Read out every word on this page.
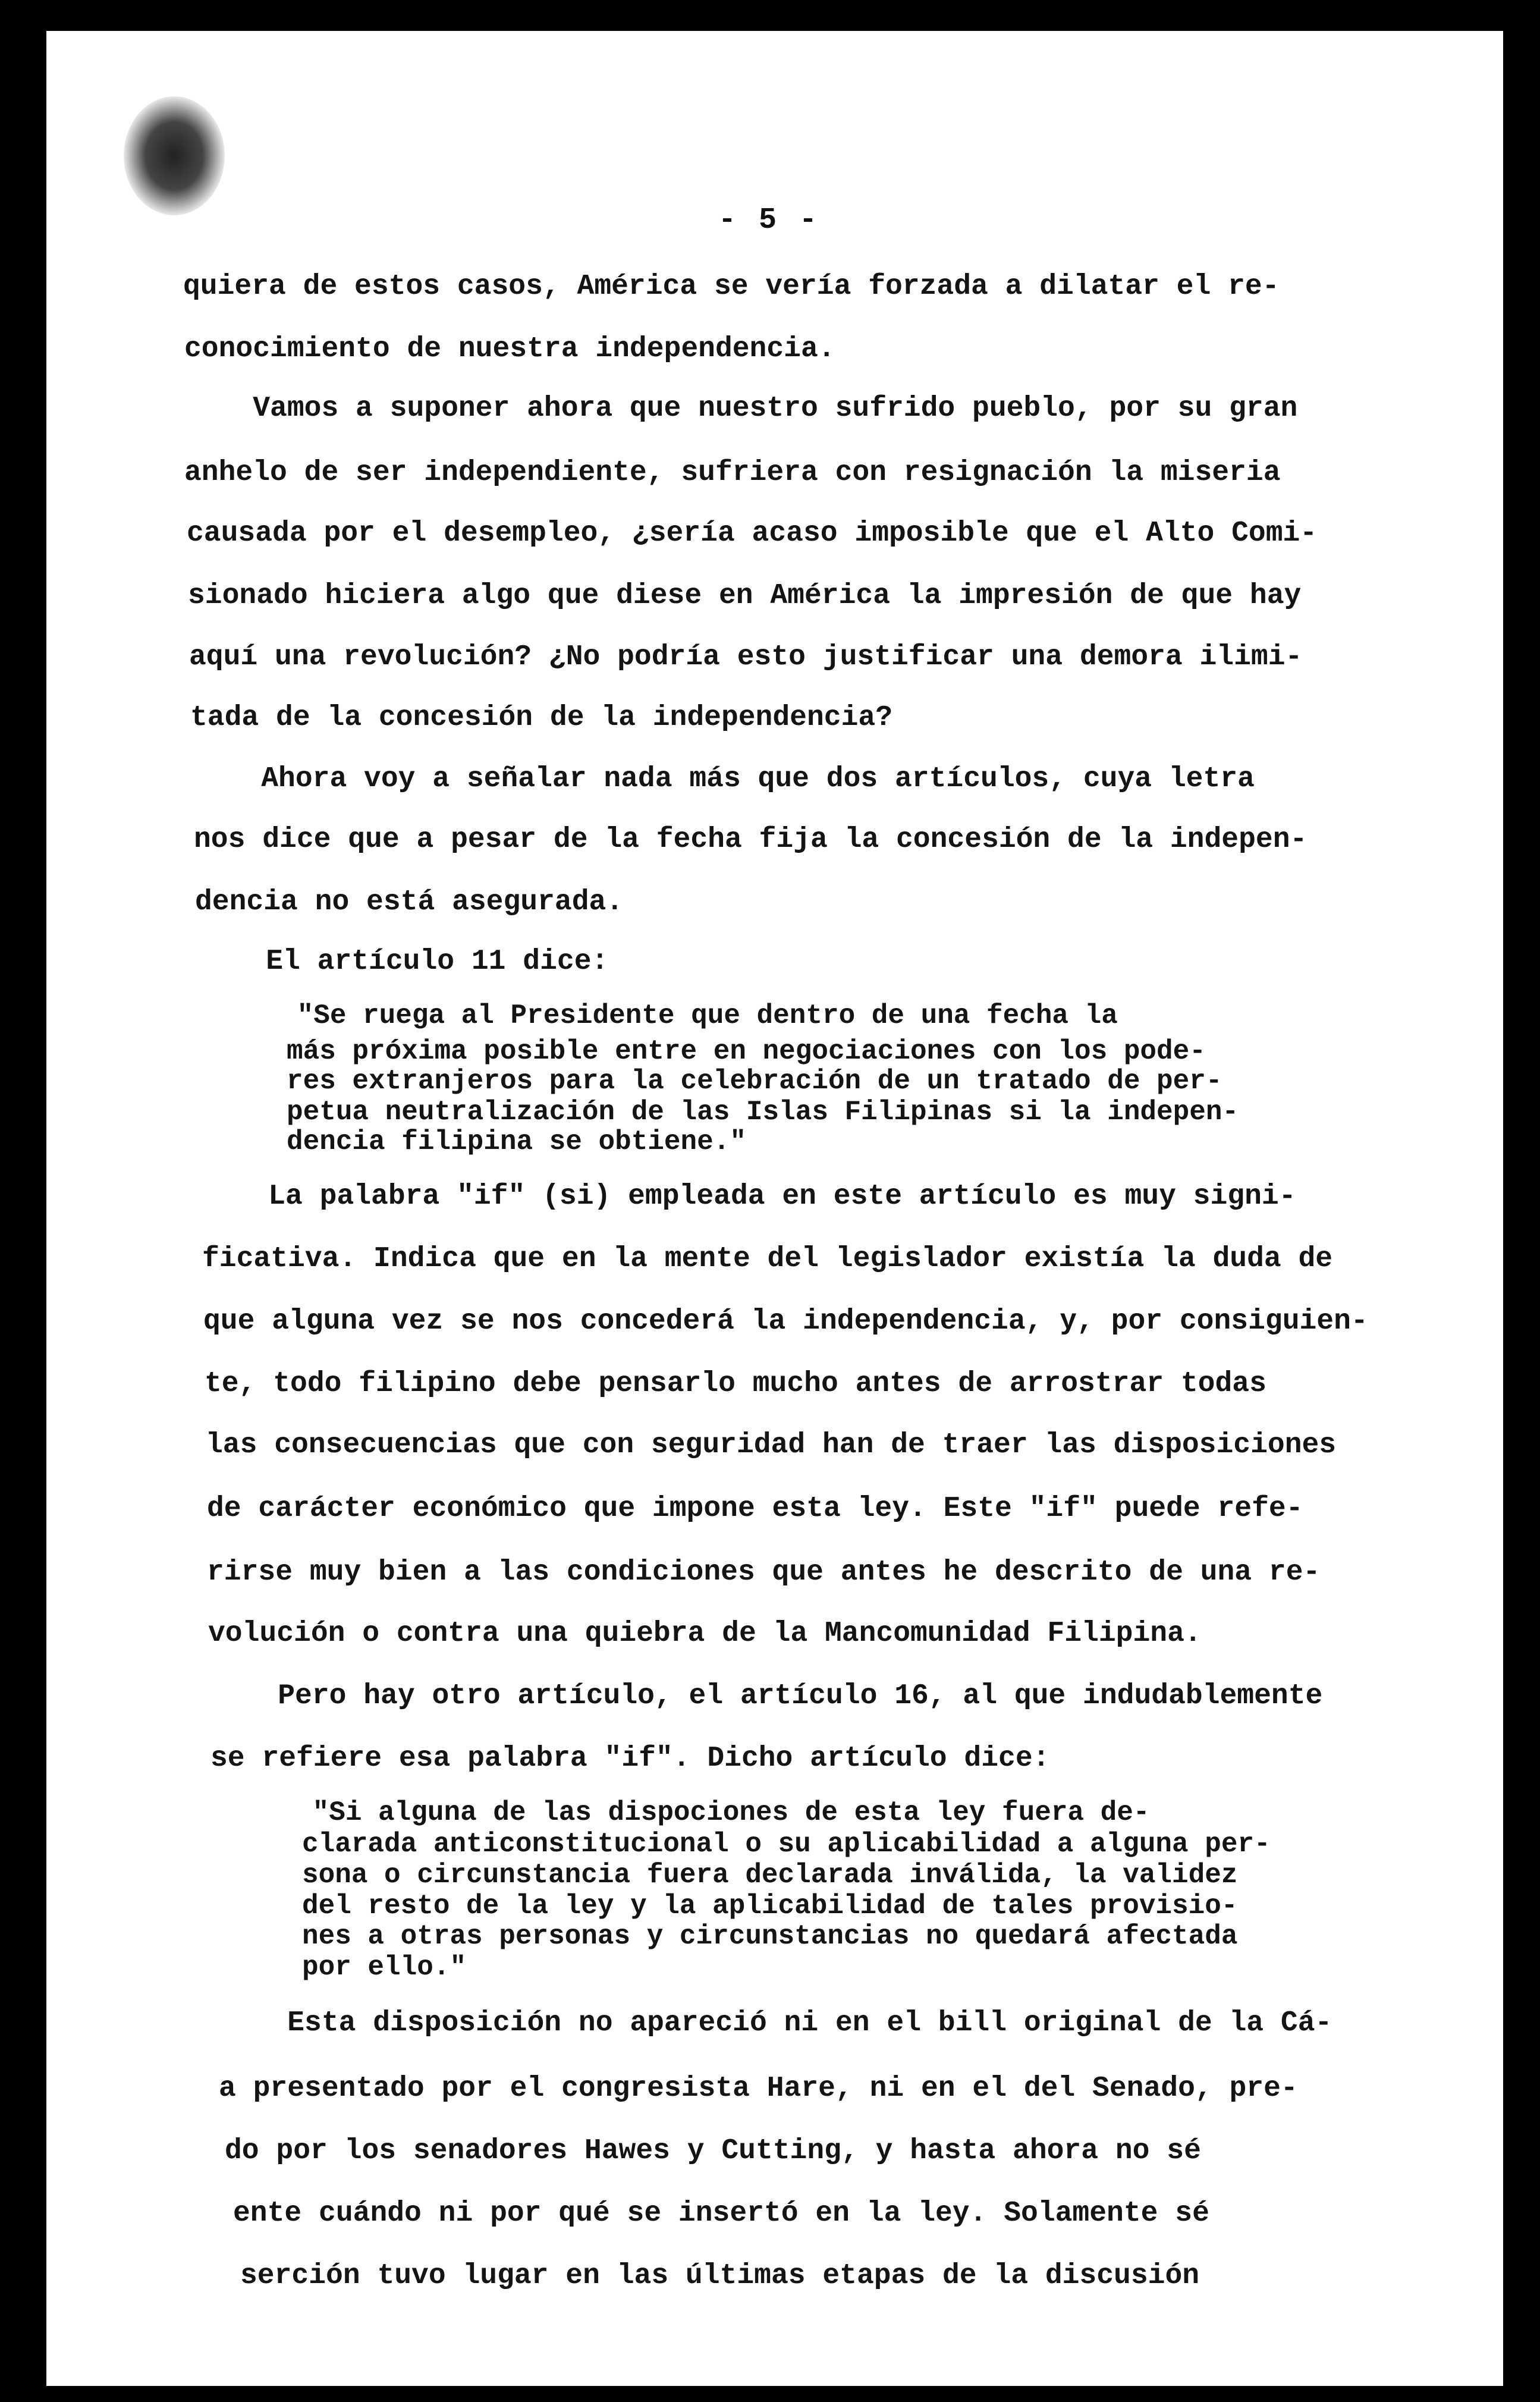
- 5 -
quiera de estos casos, América se vería forzada a dilatar el re-
conocimiento de nuestra independencia.
Vamos a suponer ahora que nuestro sufrido pueblo, por su gran
anhelo de ser independiente, sufriera con resignación la miseria
causada por el desempleo, ¿sería acaso imposible que el Alto Comi-
sionado hiciera algo que diese en América la impresión de que hay
aquí una revolución? ¿No podría esto justificar una demora ilimi-
tada de la concesión de la independencia?
Ahora voy a señalar nada más que dos artículos, cuya letra
nos dice que a pesar de la fecha fija la concesión de la indepen-
dencia no está asegurada.
El artículo 11 dice:
"Se ruega al Presidente que dentro de una fecha la
más próxima posible entre en negociaciones con los pode-
res extranjeros para la celebración de un tratado de per-
petua neutralización de las Islas Filipinas si la indepen-
dencia filipina se obtiene."
La palabra "if" (si) empleada en este artículo es muy signi-
ficativa. Indica que en la mente del legislador existía la duda de
que alguna vez se nos concederá la independencia, y, por consiguien-
te, todo filipino debe pensarlo mucho antes de arrostrar todas
las consecuencias que con seguridad han de traer las disposiciones
de carácter económico que impone esta ley. Este "if" puede refe-
rirse muy bien a las condiciones que antes he descrito de una re-
volución o contra una quiebra de la Mancomunidad Filipina.
Pero hay otro artículo, el artículo 16, al que indudablemente
se refiere esa palabra "if". Dicho artículo dice:
"Si alguna de las dispociones de esta ley fuera de-
clarada anticonstitucional o su aplicabilidad a alguna per-
sona o circunstancia fuera declarada inválida, la validez
del resto de la ley y la aplicabilidad de tales provisio-
nes a otras personas y circunstancias no quedará afectada
por ello."
Esta disposición no apareció ni en el bill original de la Cá-
a presentado por el congresista Hare, ni en el del Senado, pre-
do por los senadores Hawes y Cutting, y hasta ahora no sé
ente cuándo ni por qué se insertó en la ley. Solamente sé
serción tuvo lugar en las últimas etapas de la discusión
